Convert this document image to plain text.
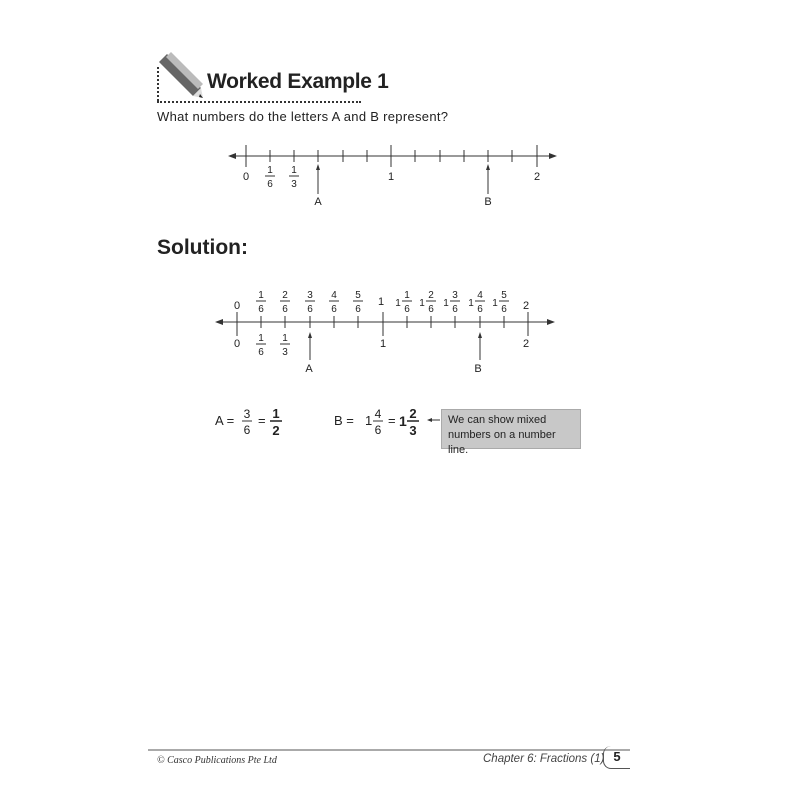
Worked Example 1
What numbers do the letters A and B represent?
0
1
6
1
3
1	2
A	B
Solution:
0
1
6
2
6
3
6
4
6
5
6
1 1
1
6
1
2
6
1
3
6
1
4
6
1
5
6 2
0 1
6
1
3
1	2
A	B
A = 3
6
= 1
2
B = 1 4
6
= 1 2
3
We can show mixed numbers on a number line.
© Casco Publications Pte Ltd	Chapter 6: Fractions (1) 5
